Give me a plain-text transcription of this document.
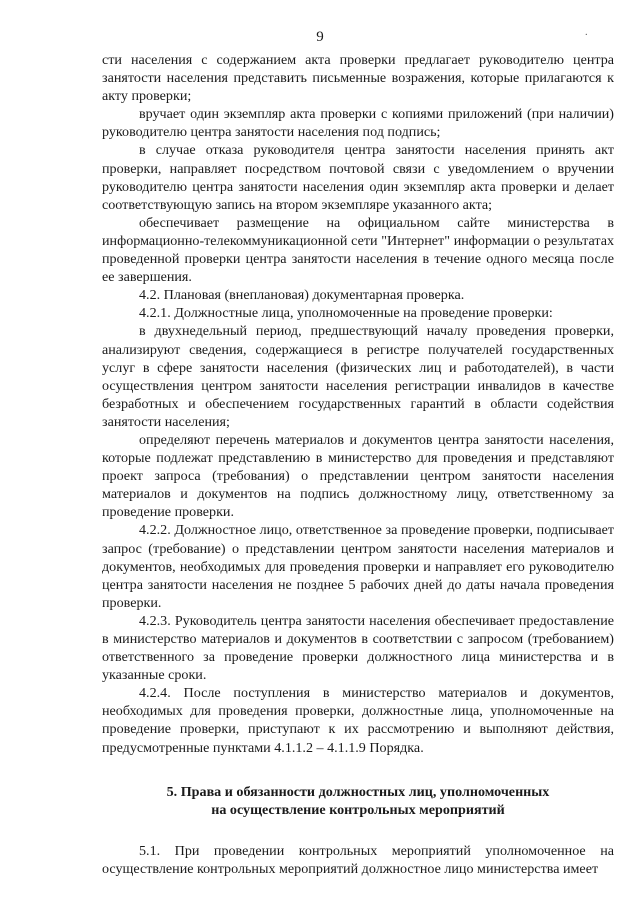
9	·

сти населения с содержанием акта проверки предлагает руководителю центра занятости населения представить письменные возражения, которые прилагаются к акту проверки;

вручает один экземпляр акта проверки с копиями приложений (при наличии) руководителю центра занятости населения под подпись;

в случае отказа руководителя центра занятости населения принять акт проверки, направляет посредством почтовой связи с уведомлением о вручении руководителю центра занятости населения один экземпляр акта проверки и делает соответствующую запись на втором экземпляре указанного акта;

обеспечивает размещение на официальном сайте министерства в информационно-телекоммуникационной сети "Интернет" информации о результатах проведенной проверки центра занятости населения в течение одного месяца после ее завершения.

4.2. Плановая (внеплановая) документарная проверка.

4.2.1. Должностные лица, уполномоченные на проведение проверки:

в двухнедельный период, предшествующий началу проведения проверки, анализируют сведения, содержащиеся в регистре получателей государственных услуг в сфере занятости населения (физических лиц и работодателей), в части осуществления центром занятости населения регистрации инвалидов в качестве безработных и обеспечением государственных гарантий в области содействия занятости населения;

определяют перечень материалов и документов центра занятости населения, которые подлежат представлению в министерство для проведения и представляют проект запроса (требования) о представлении центром занятости населения материалов и документов на подпись должностному лицу, ответственному за проведение проверки.

4.2.2. Должностное лицо, ответственное за проведение проверки, подписывает запрос (требование) о представлении центром занятости населения материалов и документов, необходимых для проведения проверки и направляет его руководителю центра занятости населения не позднее 5 рабочих дней до даты начала проведения проверки.

4.2.3. Руководитель центра занятости населения обеспечивает предоставление в министерство материалов и документов в соответствии с запросом (требованием) ответственного за проведение проверки должностного лица министерства и в указанные сроки.

4.2.4. После поступления в министерство материалов и документов, необходимых для проведения проверки, должностные лица, уполномоченные на проведение проверки, приступают к их рассмотрению и выполняют действия, предусмотренные пунктами 4.1.1.2 – 4.1.1.9 Порядка.

5. Права и обязанности должностных лиц, уполномоченных
на осуществление контрольных мероприятий

5.1. При проведении контрольных мероприятий уполномоченное на осуществление контрольных мероприятий должностное лицо министерства имеет
